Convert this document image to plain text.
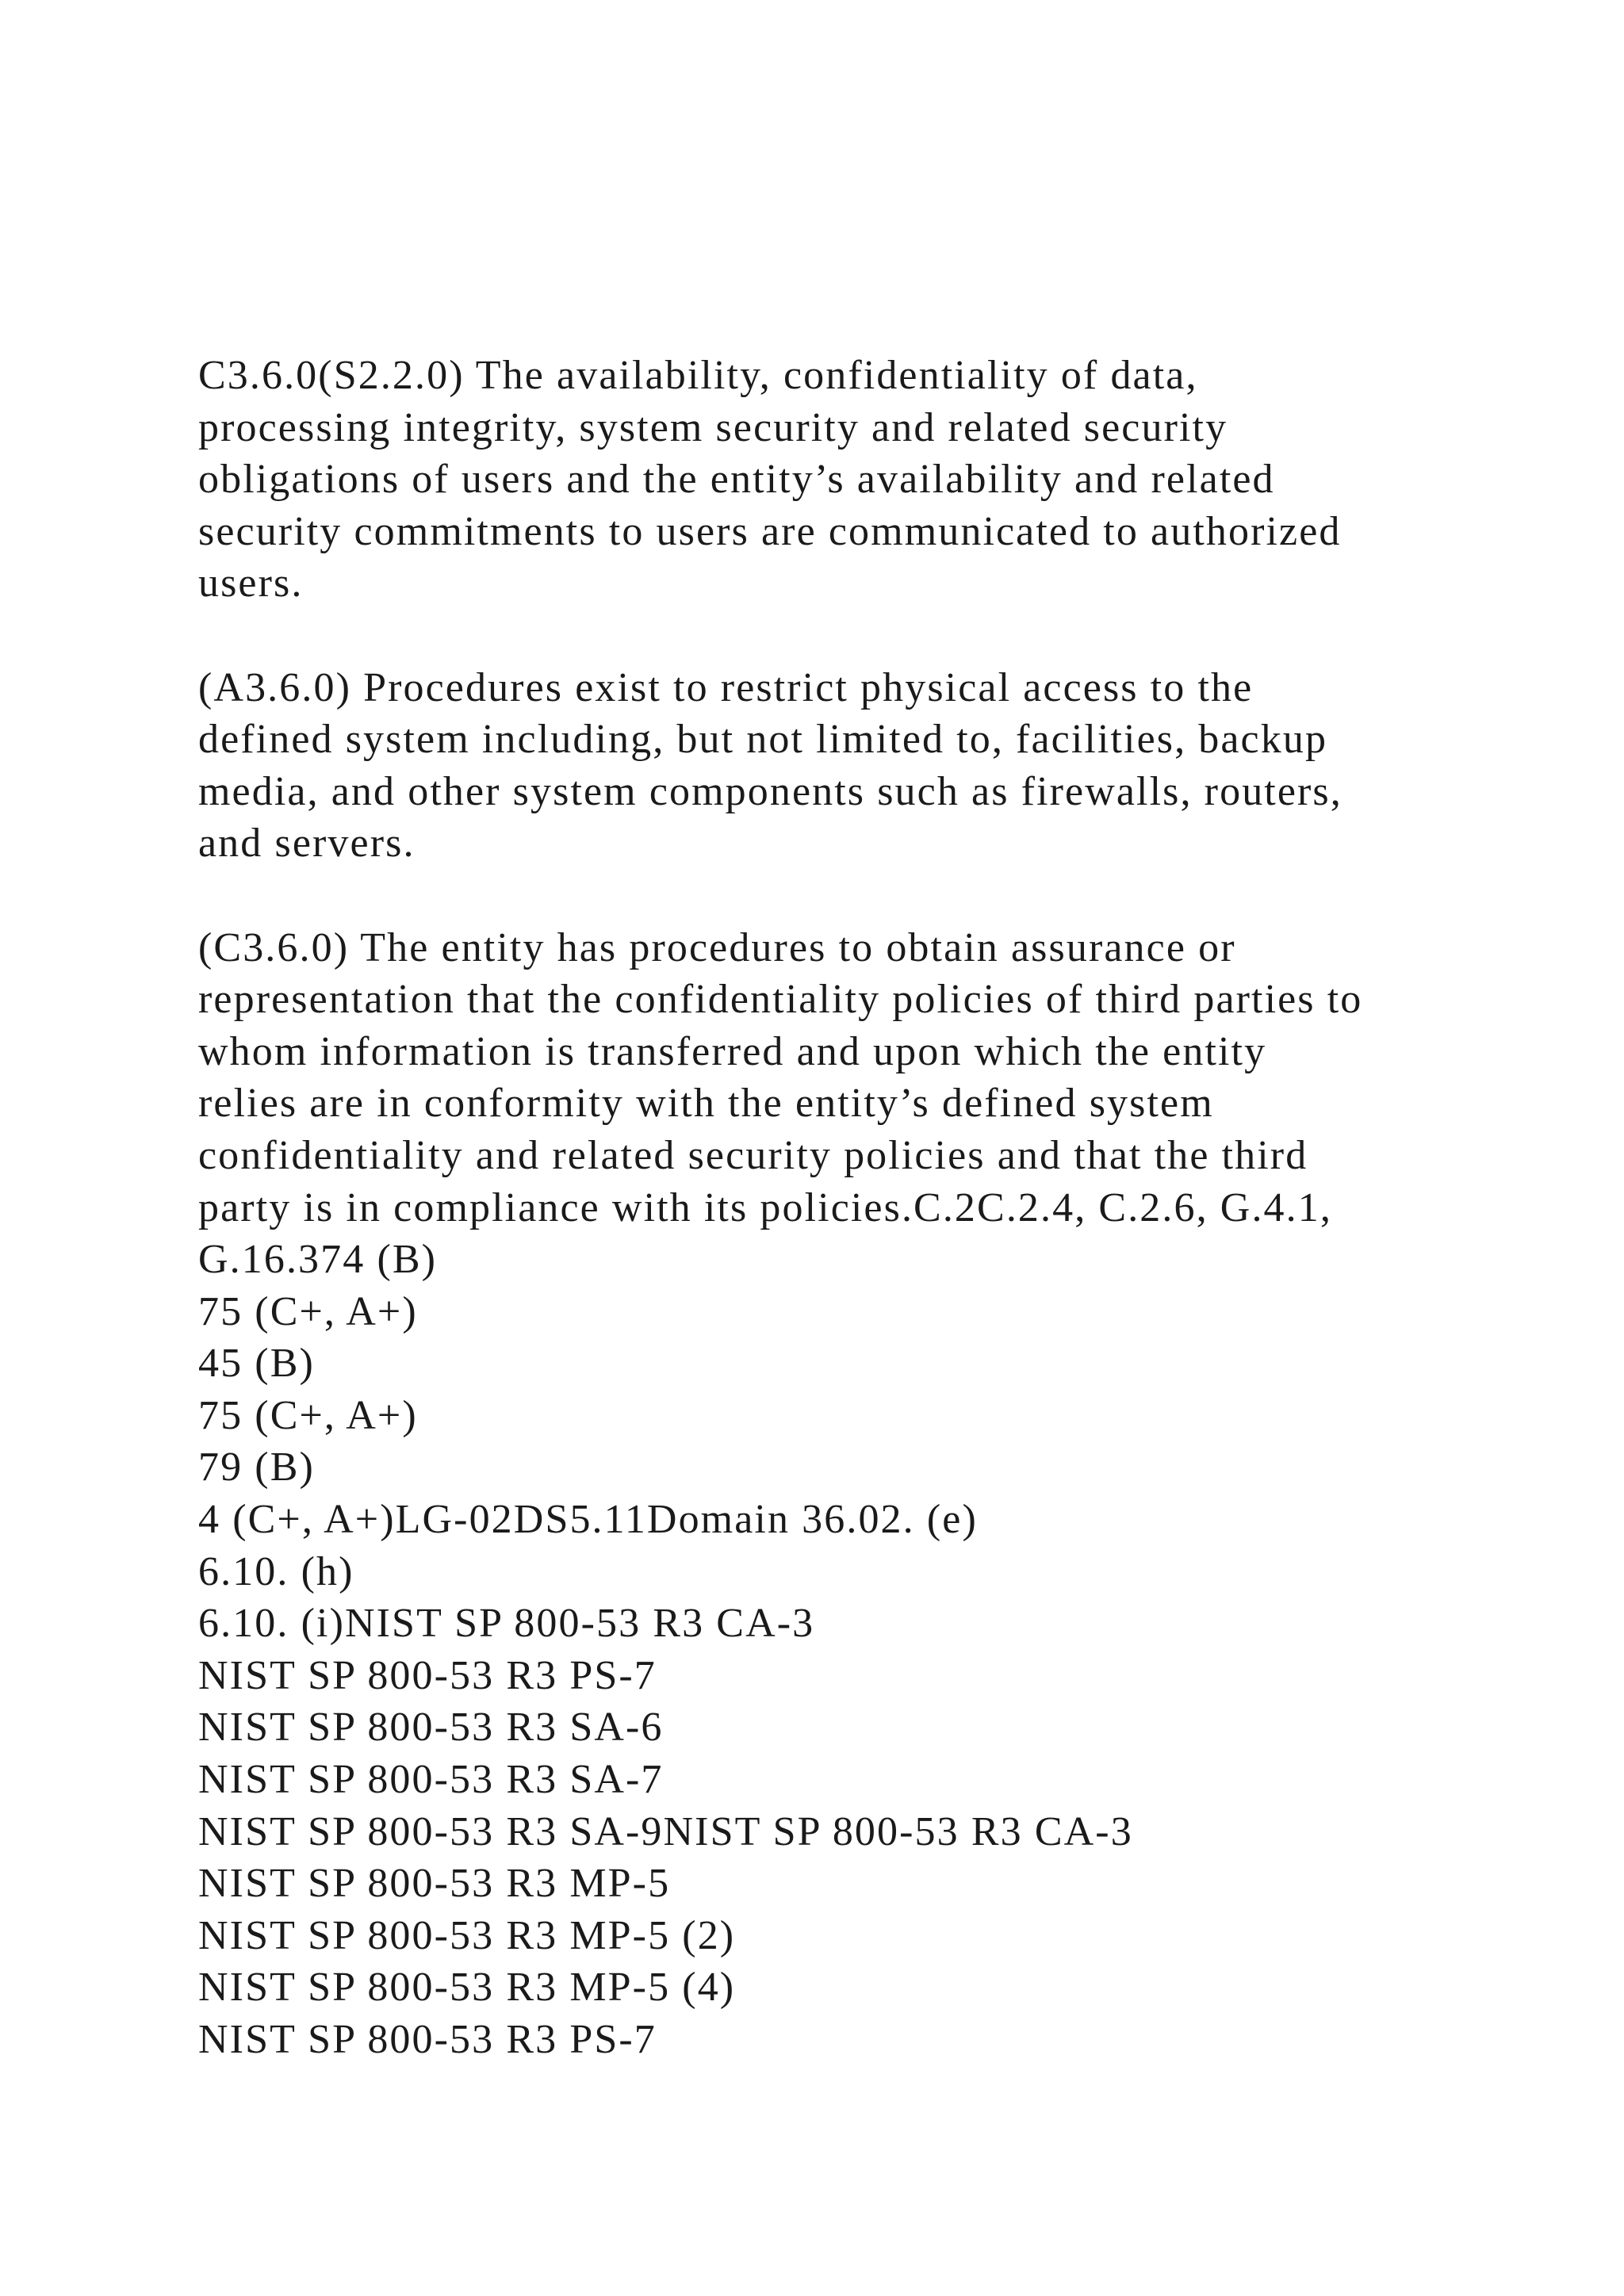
C3.6.0(S2.2.0) The availability, confidentiality of data,
processing integrity, system security and related security
obligations of users and the entity’s availability and related
security commitments to users are communicated to authorized
users.
(A3.6.0) Procedures exist to restrict physical access to the
defined system including, but not limited to, facilities, backup
media, and other system components such as firewalls, routers,
and servers.
(C3.6.0) The entity has procedures to obtain assurance or
representation that the confidentiality policies of third parties to
whom information is transferred and upon which the entity
relies are in conformity with the entity’s defined system
confidentiality and related security policies and that the third
party is in compliance with its policies.C.2C.2.4, C.2.6, G.4.1,
G.16.374 (B)
75 (C+, A+)
45 (B)
75 (C+, A+)
79 (B)
4 (C+, A+)LG-02DS5.11Domain 36.02. (e)
6.10. (h)
6.10. (i)NIST SP 800-53 R3 CA-3
NIST SP 800-53 R3 PS-7
NIST SP 800-53 R3 SA-6
NIST SP 800-53 R3 SA-7
NIST SP 800-53 R3 SA-9NIST SP 800-53 R3 CA-3
NIST SP 800-53 R3 MP-5
NIST SP 800-53 R3 MP-5 (2)
NIST SP 800-53 R3 MP-5 (4)
NIST SP 800-53 R3 PS-7
